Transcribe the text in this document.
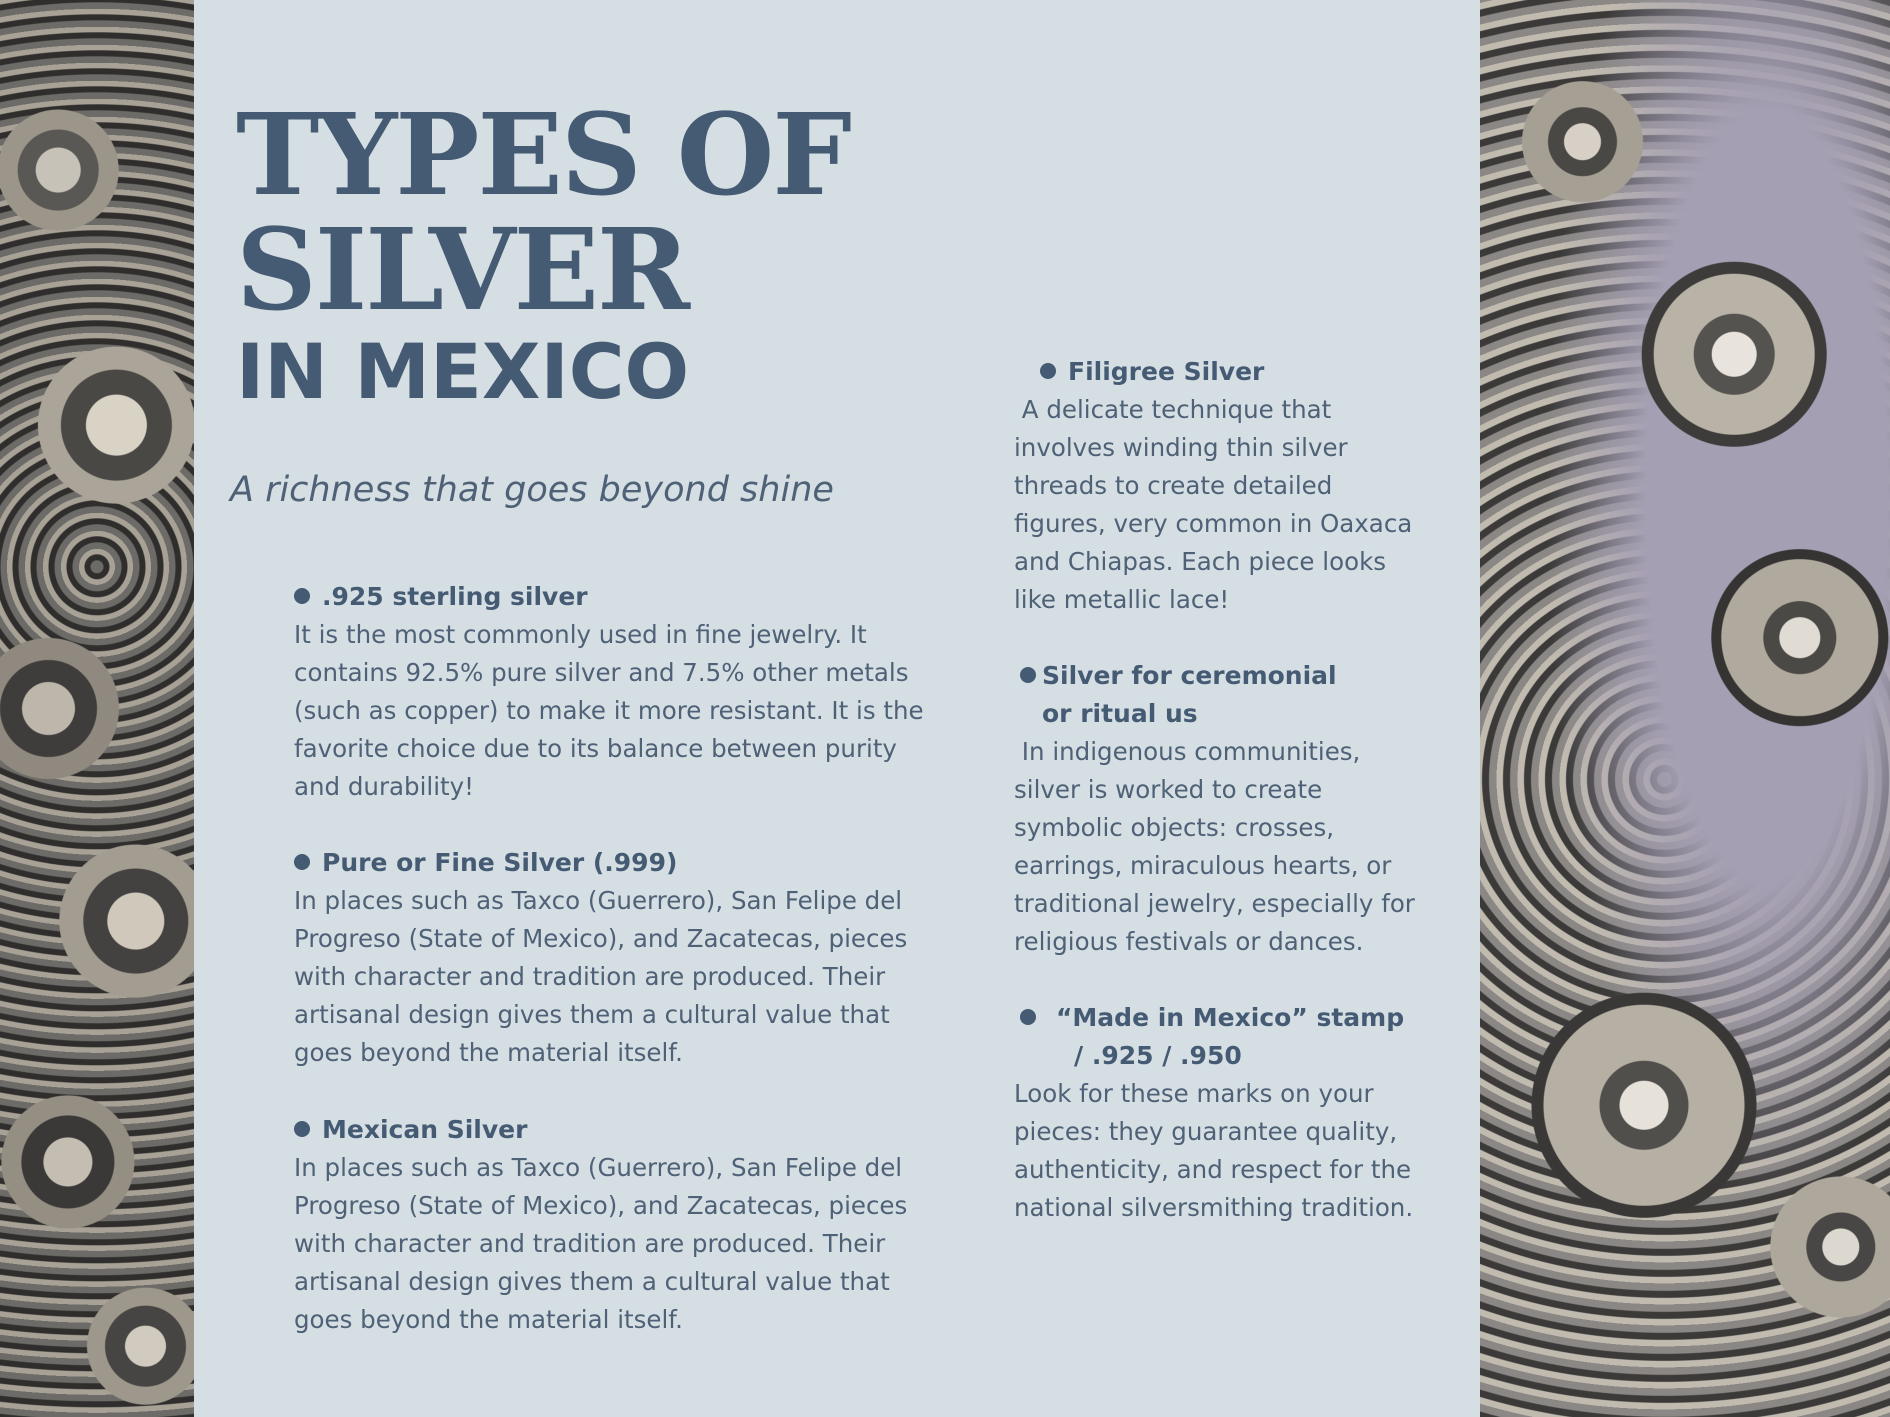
TYPES OF
SILVER
IN MEXICO

A richness that goes beyond shine

.925 sterling silver

It is the most commonly used in fine jewelry. It
contains 92.5% pure silver and 7.5% other metals
(such as copper) to make it more resistant. It is the
favorite choice due to its balance between purity
and durability!

Pure or Fine Silver (.999)

In places such as Taxco (Guerrero), San Felipe del
Progreso (State of Mexico), and Zacatecas, pieces
with character and tradition are produced. Their
artisanal design gives them a cultural value that
goes beyond the material itself.

Mexican Silver

In places such as Taxco (Guerrero), San Felipe del
Progreso (State of Mexico), and Zacatecas, pieces
with character and tradition are produced. Their
artisanal design gives them a cultural value that
goes beyond the material itself.

Filigree Silver

A delicate technique that
involves winding thin silver
threads to create detailed
figures, very common in Oaxaca
and Chiapas. Each piece looks
like metallic lace!

Silver for ceremonial
or ritual us

In indigenous communities,
silver is worked to create
symbolic objects: crosses,
earrings, miraculous hearts, or
traditional jewelry, especially for
religious festivals or dances.

“Made in Mexico” stamp
/ .925 / .950

Look for these marks on your
pieces: they guarantee quality,
authenticity, and respect for the
national silversmithing tradition.
